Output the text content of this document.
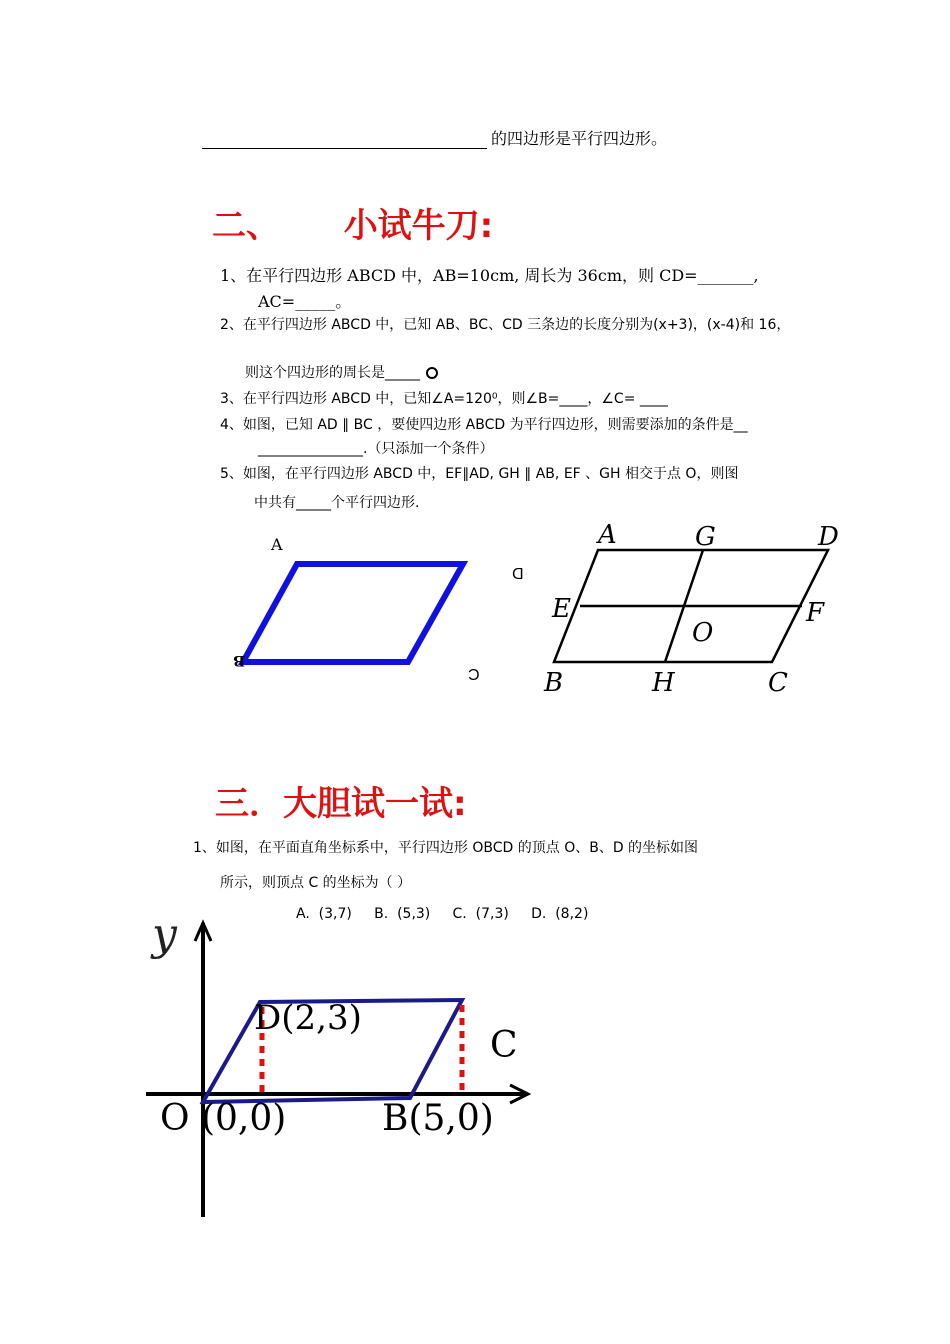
的四边形是平行四边形。
二、 小试牛刀:
1、在平行四边形 ABCD 中，AB=10cm, 周长为 36cm，则 CD=_______,
AC=_____。
2、在平行四边形 ABCD 中，已知 AB、BC、CD 三条边的长度分别为(x+3)，(x-4)和 16，
则这个四边形的周长是_____
3、在平行四边形 ABCD 中，已知∠A=120⁰，则∠B=____，∠C= ____
4、如图，已知 AD ∥ BC ，要使四边形 ABCD 为平行四边形，则需要添加的条件是__
_______________.（只添加一个条件）
5、如图，在平行四边形 ABCD 中，EF∥AD, GH ∥ AB, EF 、GH 相交于点 O，则图
中共有_____个平行四边形.
A
B
D
C
A	G	D
E	F
O
B	H	C
三．大胆试一试:
1、如图，在平面直角坐标系中，平行四边形 OBCD 的顶点 O、B、D 的坐标如图
所示，则顶点 C 的坐标为（ ）
A.  (3,7)     B.  (5,3)     C.  (7,3)     D.  (8,2)
y
D(2,3)
C
O (0,0)	B(5,0)
